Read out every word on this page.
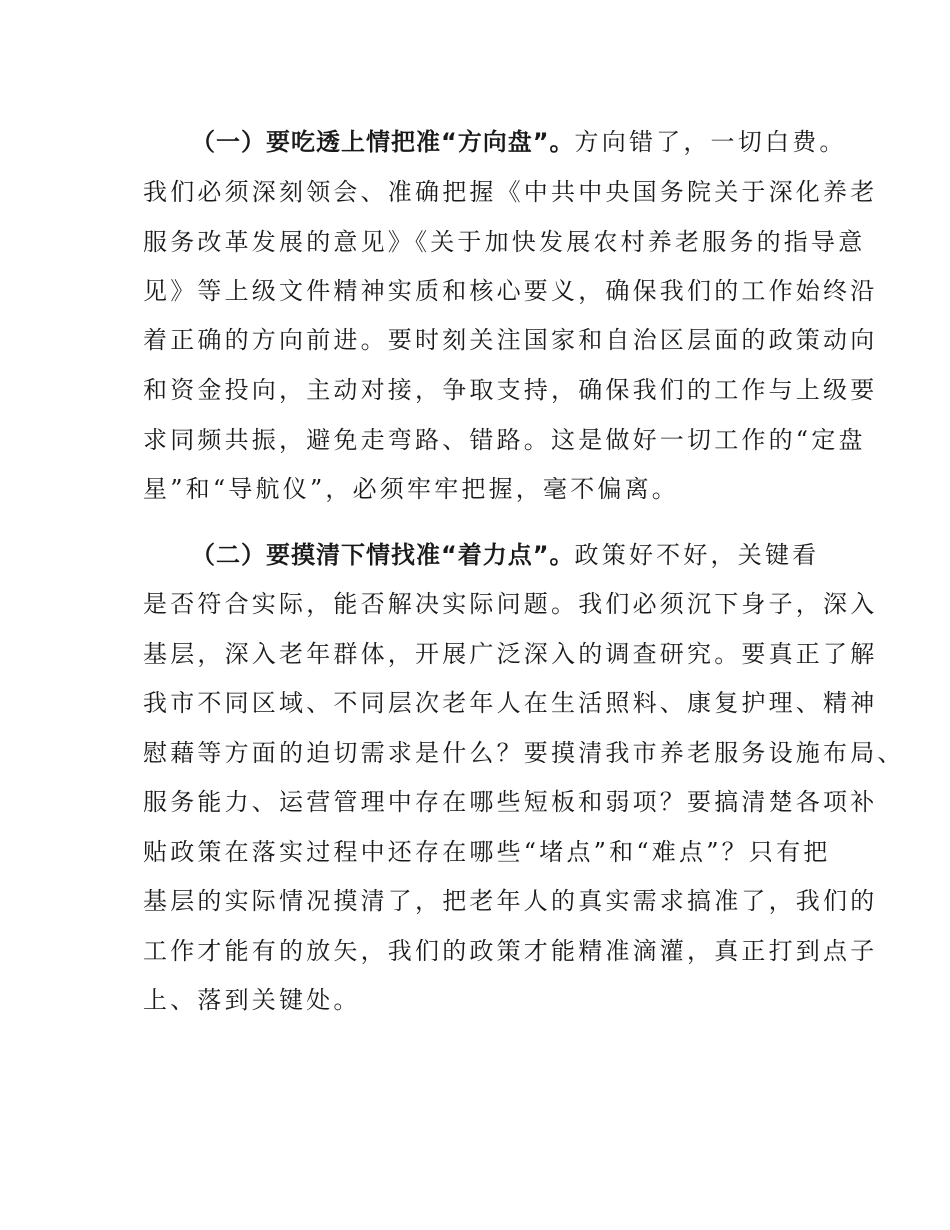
（一）要吃透上情把准“方向盘”。方向错了，一切白费。
我们必须深刻领会、准确把握《中共中央国务院关于深化养老
服务改革发展的意见》《关于加快发展农村养老服务的指导意
见》等上级文件精神实质和核心要义，确保我们的工作始终沿
着正确的方向前进。要时刻关注国家和自治区层面的政策动向
和资金投向，主动对接，争取支持，确保我们的工作与上级要
求同频共振，避免走弯路、错路。这是做好一切工作的“定盘
星”和“导航仪”，必须牢牢把握，毫不偏离。
（二）要摸清下情找准“着力点”。政策好不好，关键看
是否符合实际，能否解决实际问题。我们必须沉下身子，深入
基层，深入老年群体，开展广泛深入的调查研究。要真正了解
我市不同区域、不同层次老年人在生活照料、康复护理、精神
慰藉等方面的迫切需求是什么？要摸清我市养老服务设施布局、
服务能力、运营管理中存在哪些短板和弱项？要搞清楚各项补
贴政策在落实过程中还存在哪些“堵点”和“难点”？只有把
基层的实际情况摸清了，把老年人的真实需求搞准了，我们的
工作才能有的放矢，我们的政策才能精准滴灌，真正打到点子
上、落到关键处。
